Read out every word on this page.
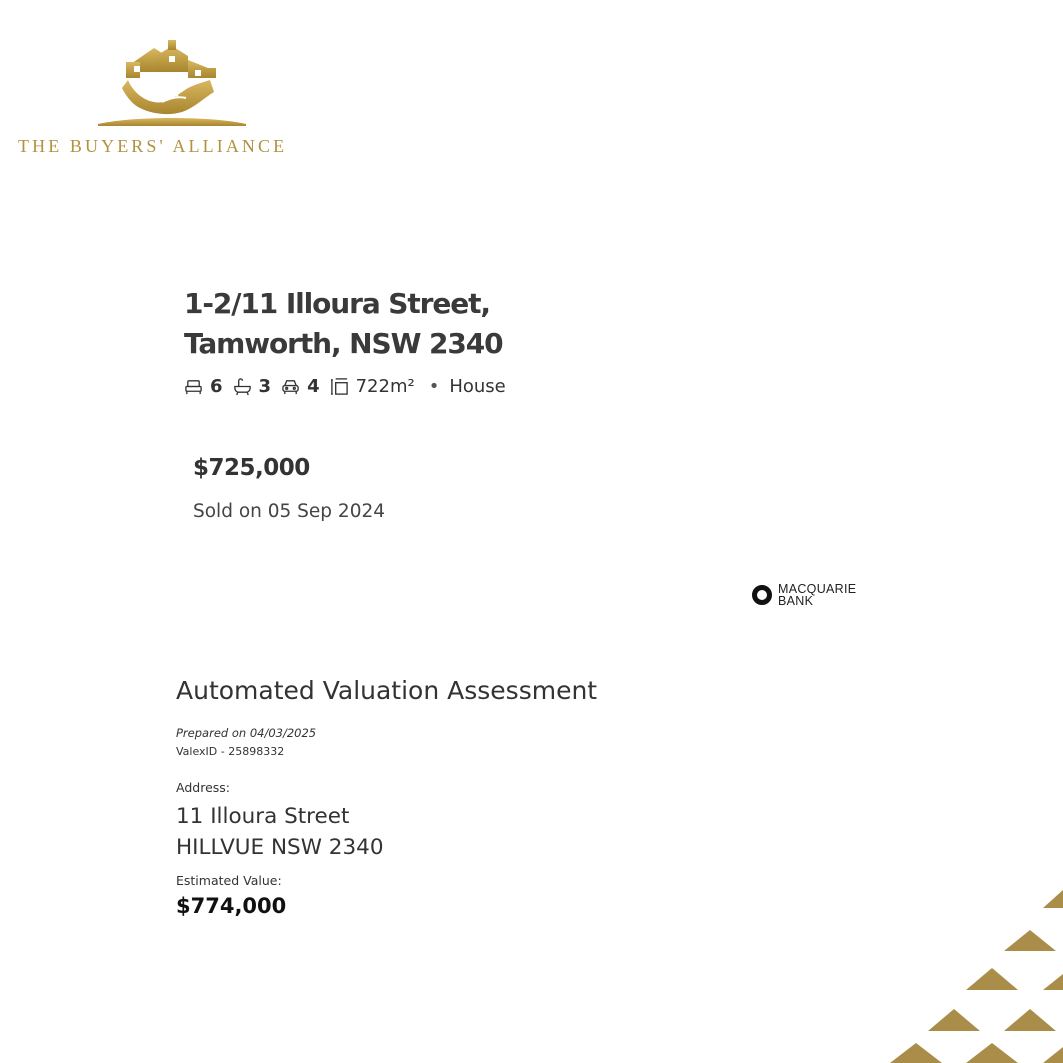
THE BUYERS' ALLIANCE
1-2/11 Illoura Street,
Tamworth, NSW 2340
6 3 4 722m² • House
$725,000
Sold on 05 Sep 2024
MACQUARIE
BANK
Automated Valuation Assessment
Prepared on 04/03/2025
ValexID - 25898332
Address:
11 Illoura Street
HILLVUE NSW 2340
Estimated Value:
$774,000
